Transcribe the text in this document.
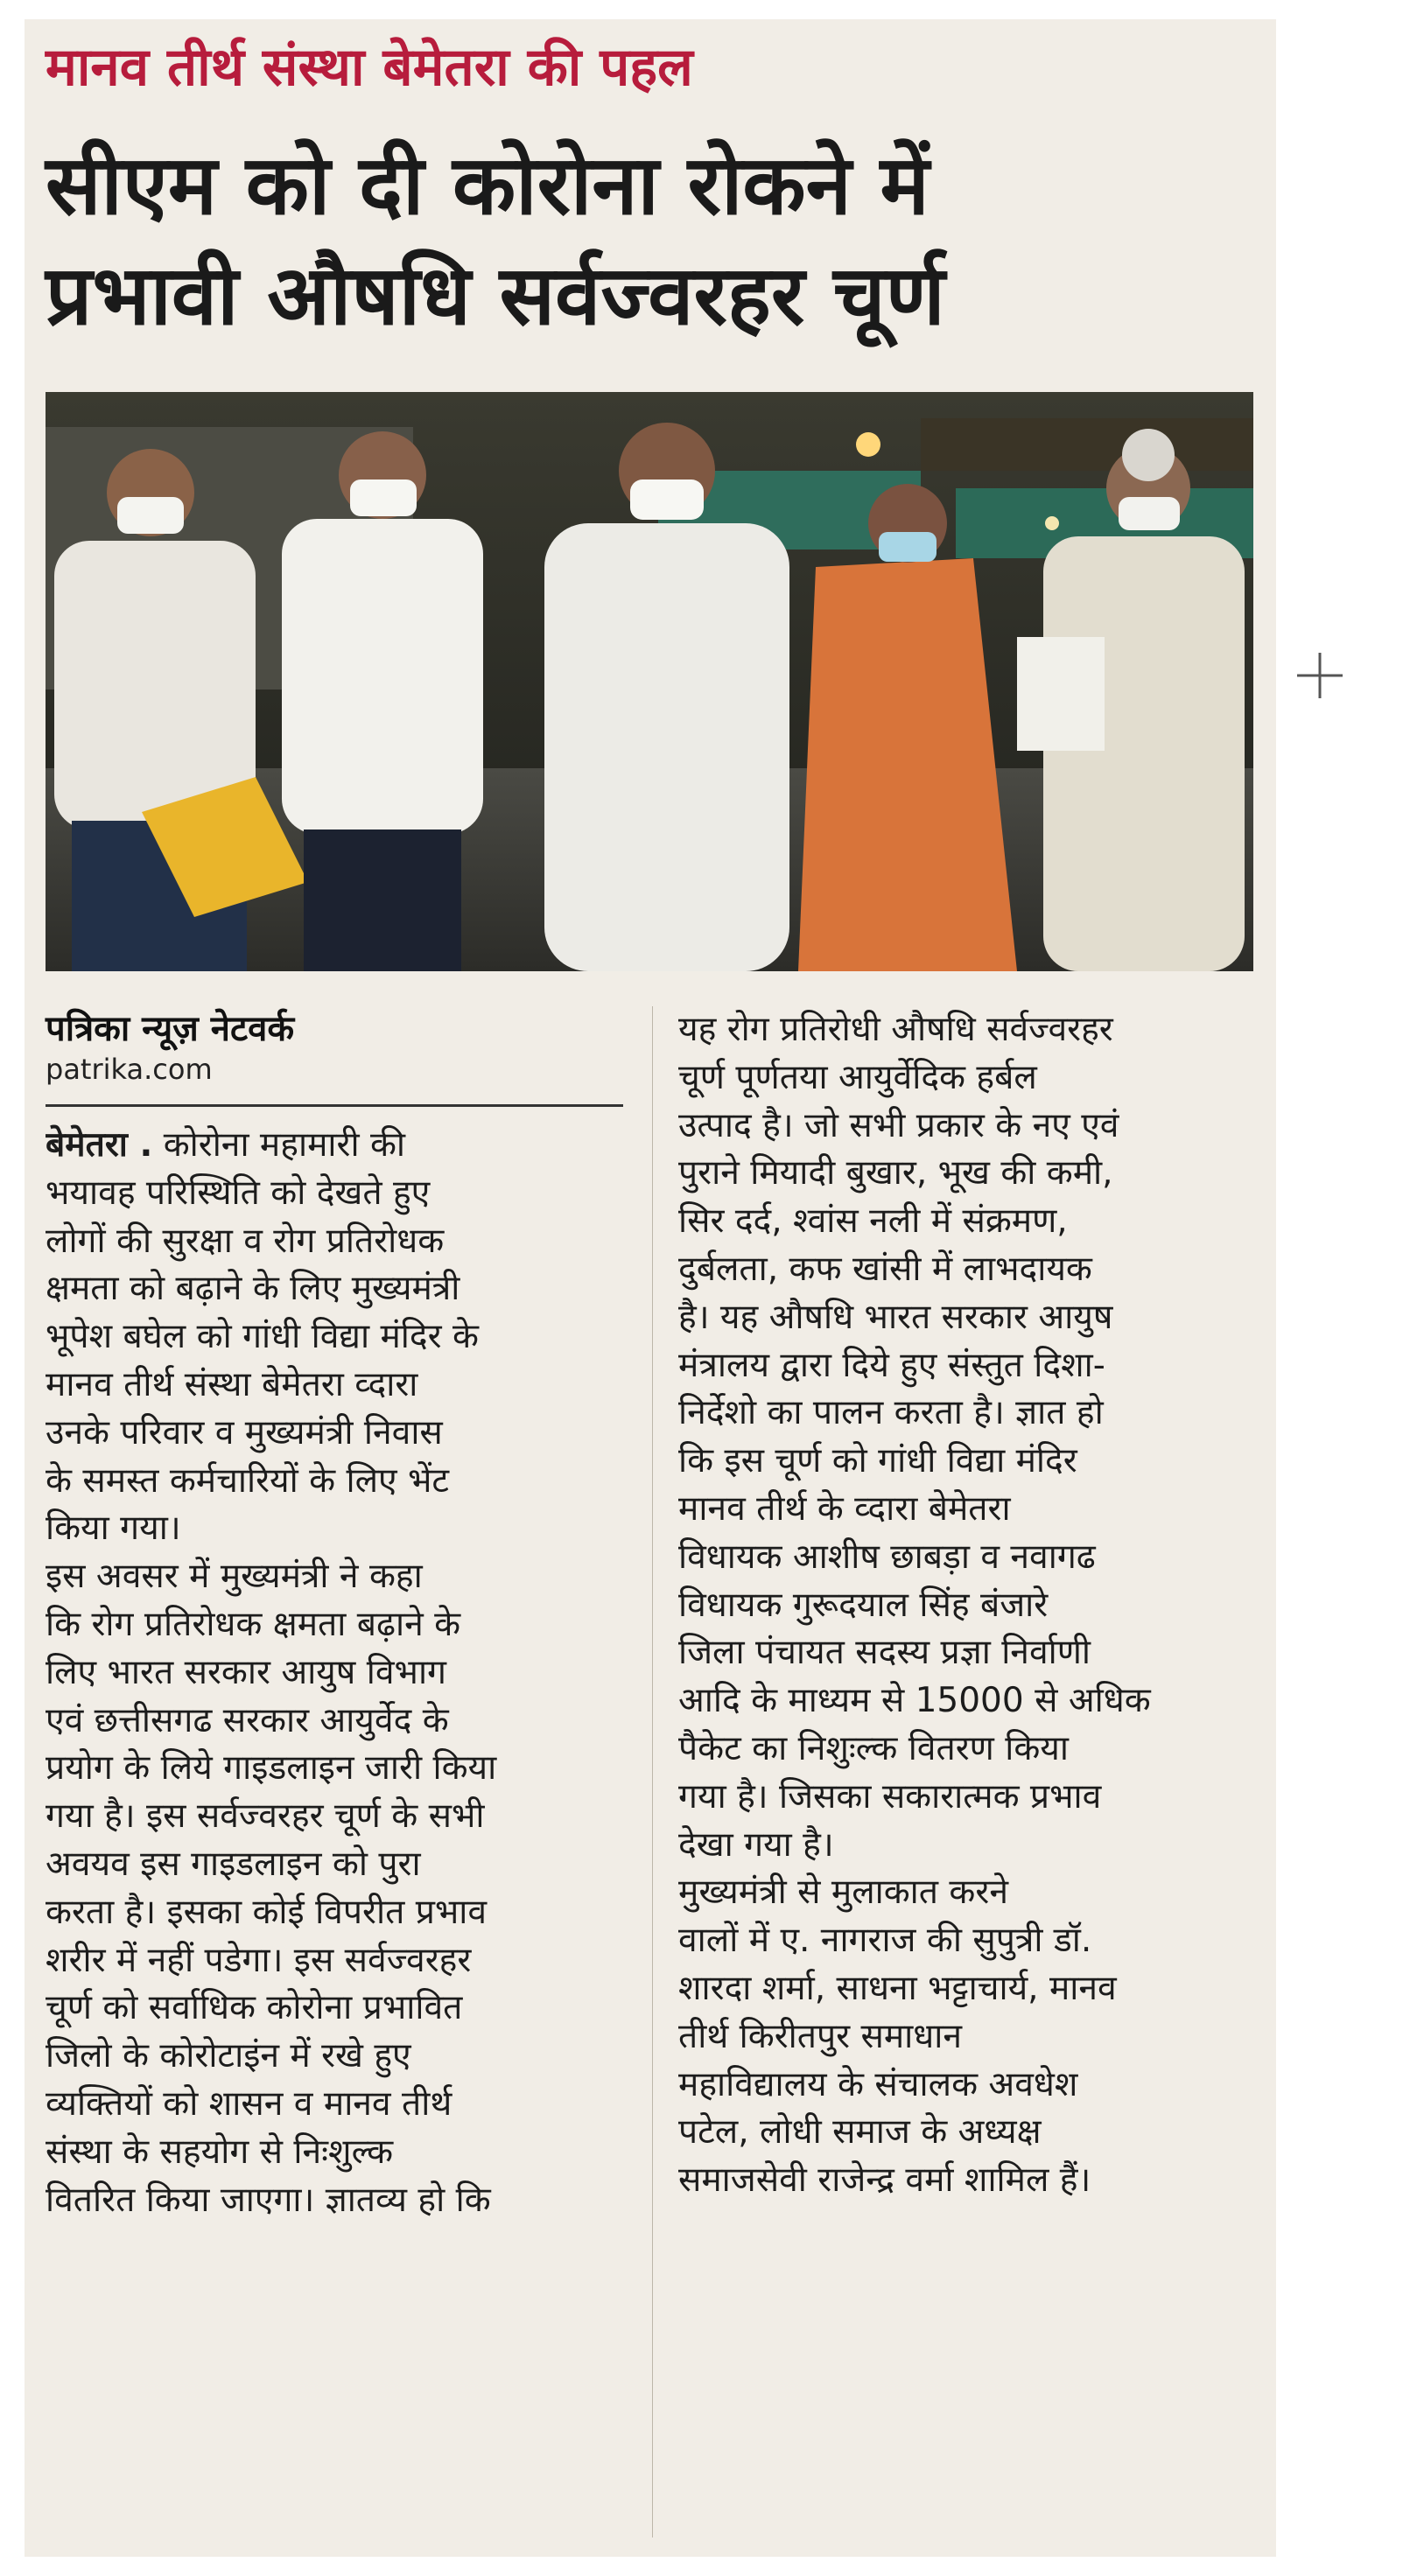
मानव तीर्थ संस्था बेमेतरा की पहल
सीएम को दी कोरोना रोकने में
प्रभावी औषधि सर्वज्वरहर चूर्ण
पत्रिका न्यूज़ नेटवर्क
patrika.com
बेमेतरा . कोरोना महामारी की
भयावह परिस्थिति को देखते हुए
लोगों की सुरक्षा व रोग प्रतिरोधक
क्षमता को बढ़ाने के लिए मुख्यमंत्री
भूपेश बघेल को गांधी विद्या मंदिर के
मानव तीर्थ संस्था बेमेतरा व्दारा
उनके परिवार व मुख्यमंत्री निवास
के समस्त कर्मचारियों के लिए भेंट
किया गया।
इस अवसर में मुख्यमंत्री ने कहा
कि रोग प्रतिरोधक क्षमता बढ़ाने के
लिए भारत सरकार आयुष विभाग
एवं छत्तीसगढ सरकार आयुर्वेद के
प्रयोग के लिये गाइडलाइन जारी किया
गया है। इस सर्वज्वरहर चूर्ण के सभी
अवयव इस गाइडलाइन को पुरा
करता है। इसका कोई विपरीत प्रभाव
शरीर में नहीं पडेगा। इस सर्वज्वरहर
चूर्ण को सर्वाधिक कोरोना प्रभावित
जिलो के कोरोटाइंन में रखे हुए
व्यक्तियों को शासन व मानव तीर्थ
संस्था के सहयोग से निःशुल्क
वितरित किया जाएगा। ज्ञातव्य हो कि
यह रोग प्रतिरोधी औषधि सर्वज्वरहर
चूर्ण पूर्णतया आयुर्वेदिक हर्बल
उत्पाद है। जो सभी प्रकार के नए एवं
पुराने मियादी बुखार, भूख की कमी,
सिर दर्द, श्वांस नली में संक्रमण,
दुर्बलता, कफ खांसी में लाभदायक
है। यह औषधि भारत सरकार आयुष
मंत्रालय द्वारा दिये हुए संस्तुत दिशा-
निर्देशो का पालन करता है। ज्ञात हो
कि इस चूर्ण को गांधी विद्या मंदिर
मानव तीर्थ के व्दारा बेमेतरा
विधायक आशीष छाबड़ा व नवागढ
विधायक गुरूदयाल सिंह बंजारे
जिला पंचायत सदस्य प्रज्ञा निर्वाणी
आदि के माध्यम से 15000 से अधिक
पैकेट का निशुःल्क वितरण किया
गया है। जिसका सकारात्मक प्रभाव
देखा गया है।
मुख्यमंत्री से मुलाकात करने
वालों में ए. नागराज की सुपुत्री डॉ.
शारदा शर्मा, साधना भट्टाचार्य, मानव
तीर्थ किरीतपुर समाधान
महाविद्यालय के संचालक अवधेश
पटेल, लोधी समाज के अध्यक्ष
समाजसेवी राजेन्द्र वर्मा शामिल हैं।
